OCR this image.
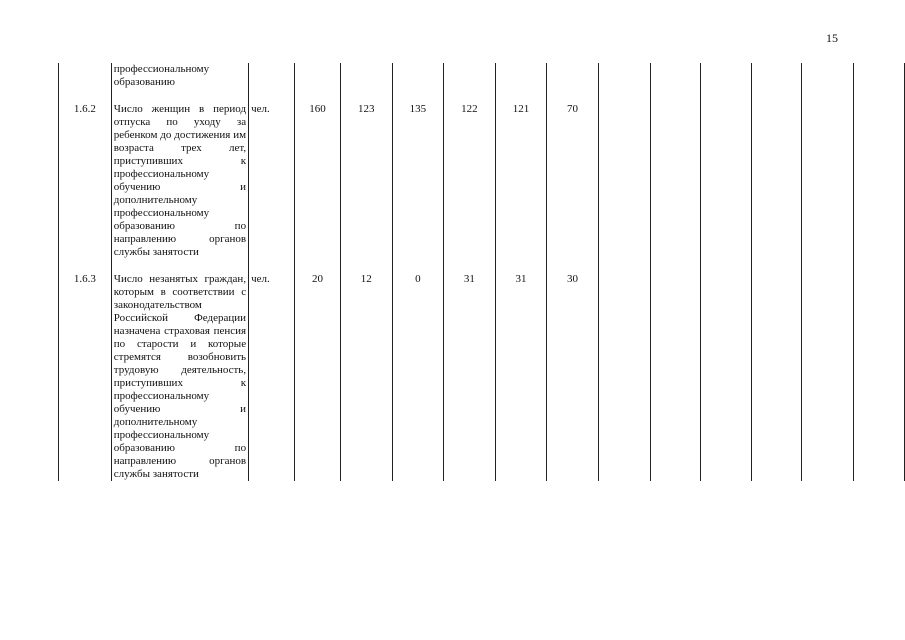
15
	профессиональному образованию													

1.6.2	Число женщин в период отпуска по уходу за ребенком до достижения им возраста трех лет, приступивших к профессиональному обучению и дополнительному профессиональному образованию по направлению органов службы занятости	чел.	160	123	135	122	121	70						

1.6.3	Число незанятых граждан, которым в соответствии с законодательством Российской Федерации назначена страховая пенсия по старости и которые стремятся возобновить трудовую деятельность, приступивших к профессиональному обучению и дополнительному профессиональному образованию по направлению органов службы занятости	чел.	20	12	0	31	31	30						
